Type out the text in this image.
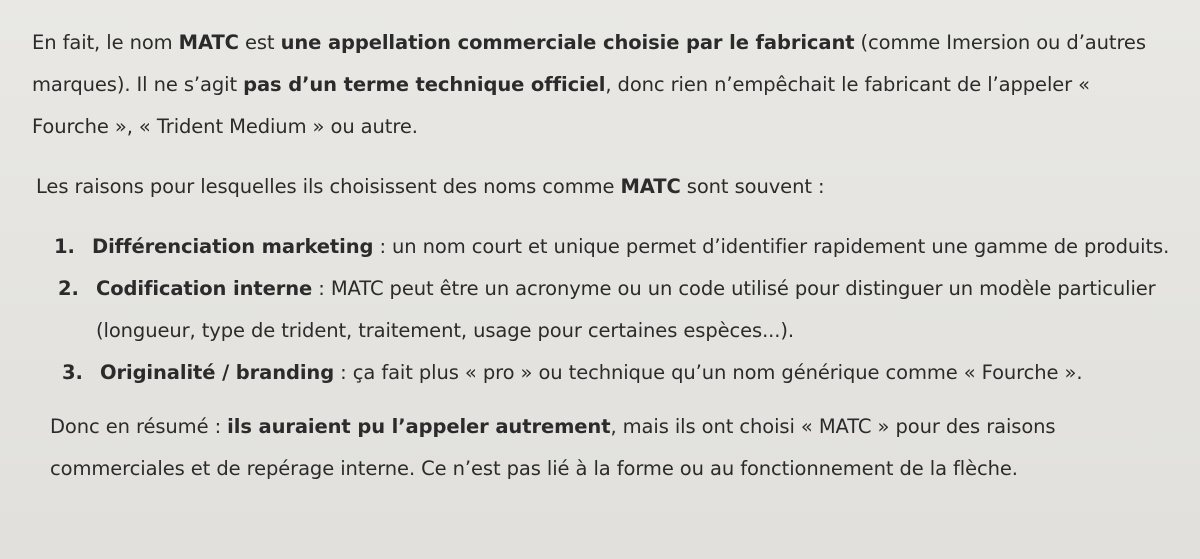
En fait, le nom MATC est une appellation commerciale choisie par le fabricant (comme Imersion ou d’autres marques). Il ne s’agit pas d’un terme technique officiel, donc rien n’empêchait le fabricant de l’appeler « Fourche », « Trident Medium » ou autre.

Les raisons pour lesquelles ils choisissent des noms comme MATC sont souvent :

1. Différenciation marketing : un nom court et unique permet d’identifier rapidement une gamme de produits.
2. Codification interne : MATC peut être un acronyme ou un code utilisé pour distinguer un modèle particulier (longueur, type de trident, traitement, usage pour certaines espèces...).
3. Originalité / branding : ça fait plus « pro » ou technique qu’un nom générique comme « Fourche ».

Donc en résumé : ils auraient pu l’appeler autrement, mais ils ont choisi « MATC » pour des raisons commerciales et de repérage interne. Ce n’est pas lié à la forme ou au fonctionnement de la flèche.
